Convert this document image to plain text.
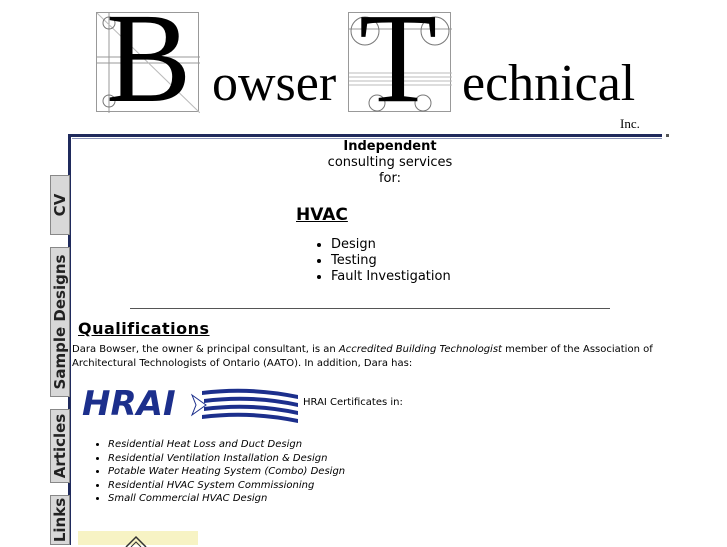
B owser T echnical
Inc.
CV
Sample Designs
Articles
Links
Independent
consulting services
for:
HVAC
• Design
• Testing
• Fault Investigation
Qualifications
Dara Bowser, the owner & principal consultant, is an Accredited Building Technologist member of the Association of Architectural Technologists of Ontario (AATO). In addition, Dara has:
HRAI	HRAI Certificates in:
• Residential Heat Loss and Duct Design
• Residential Ventilation Installation & Design
• Potable Water Heating System (Combo) Design
• Residential HVAC System Commissioning
• Small Commercial HVAC Design
